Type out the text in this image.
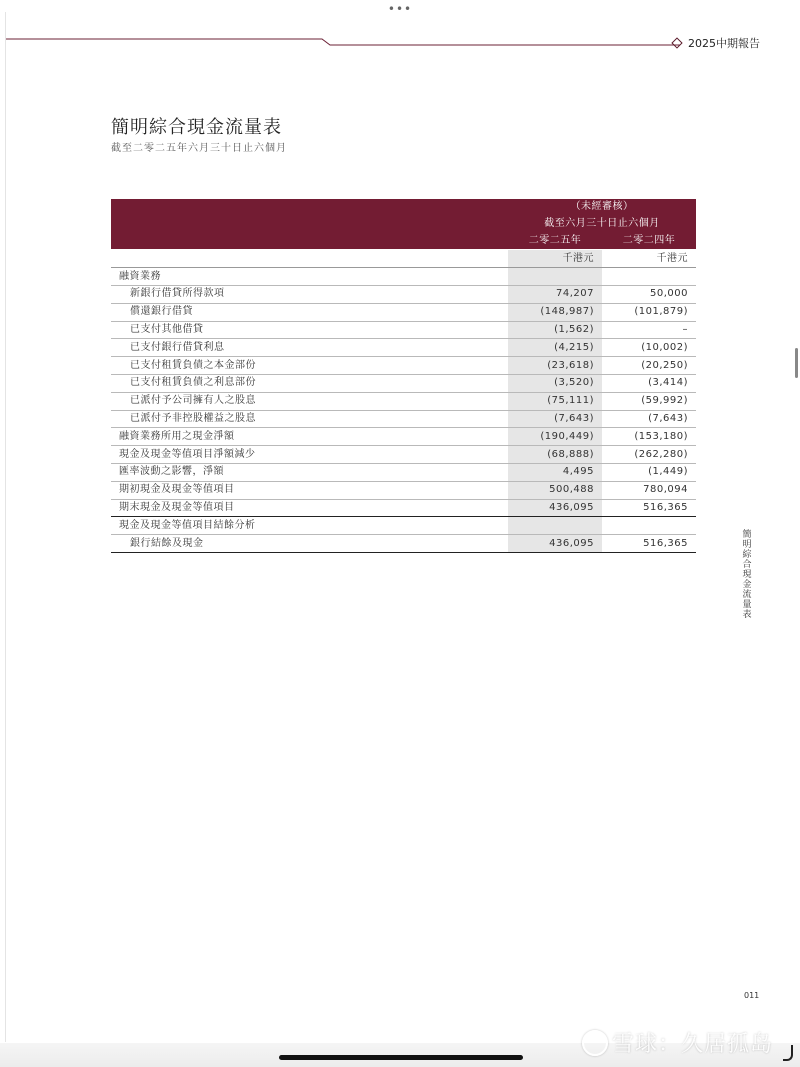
•••
2025中期報告
簡明綜合現金流量表
截至二零二五年六月三十日止六個月
	（未經審核）	
	截至六月三十日止六個月	
	二零二五年	二零二四年
	千港元	千港元
融資業務		
新銀行借貸所得款項	74,207	50,000
償還銀行借貸	(148,987)	(101,879)
已支付其他借貸	(1,562)	–
已支付銀行借貸利息	(4,215)	(10,002)
已支付租賃負債之本金部份	(23,618)	(20,250)
已支付租賃負債之利息部份	(3,520)	(3,414)
已派付予公司擁有人之股息	(75,111)	(59,992)
已派付予非控股權益之股息	(7,643)	(7,643)
融資業務所用之現金淨額	(190,449)	(153,180)
現金及現金等值項目淨額減少	(68,888)	(262,280)
匯率波動之影響，淨額	4,495	(1,449)
期初現金及現金等值項目	500,488	780,094
期末現金及現金等值項目	436,095	516,365
現金及現金等值項目結餘分析		
銀行結餘及現金	436,095	516,365
簡明綜合現金流量表
011
雪球：久居孤岛
